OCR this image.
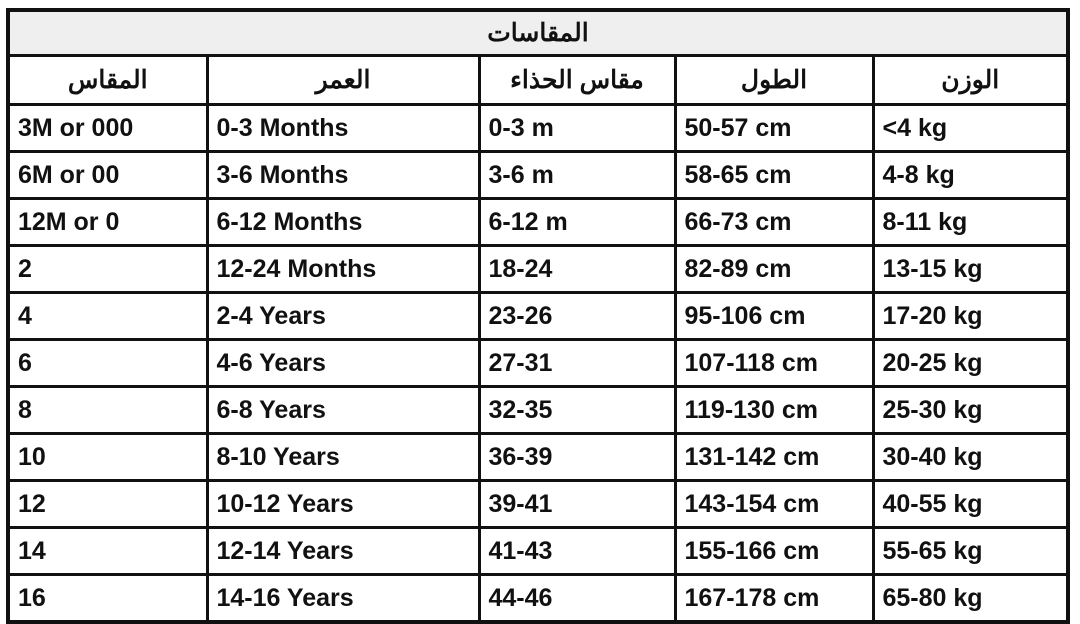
المقاسات				
الوزن	الطول	مقاس الحذاء	العمر	المقاس
<4 kg	50-57 cm	0-3 m	0-3 Months	3M or 000
4-8 kg	58-65 cm	3-6 m	3-6 Months	6M or 00
8-11 kg	66-73 cm	6-12 m	6-12 Months	12M or 0
13-15 kg	82-89 cm	18-24	12-24 Months	2
17-20 kg	95-106 cm	23-26	2-4 Years	4
20-25 kg	107-118 cm	27-31	4-6 Years	6
25-30 kg	119-130 cm	32-35	6-8 Years	8
30-40 kg	131-142 cm	36-39	8-10 Years	10
40-55 kg	143-154 cm	39-41	10-12 Years	12
55-65 kg	155-166 cm	41-43	12-14 Years	14
65-80 kg	167-178 cm	44-46	14-16 Years	16
